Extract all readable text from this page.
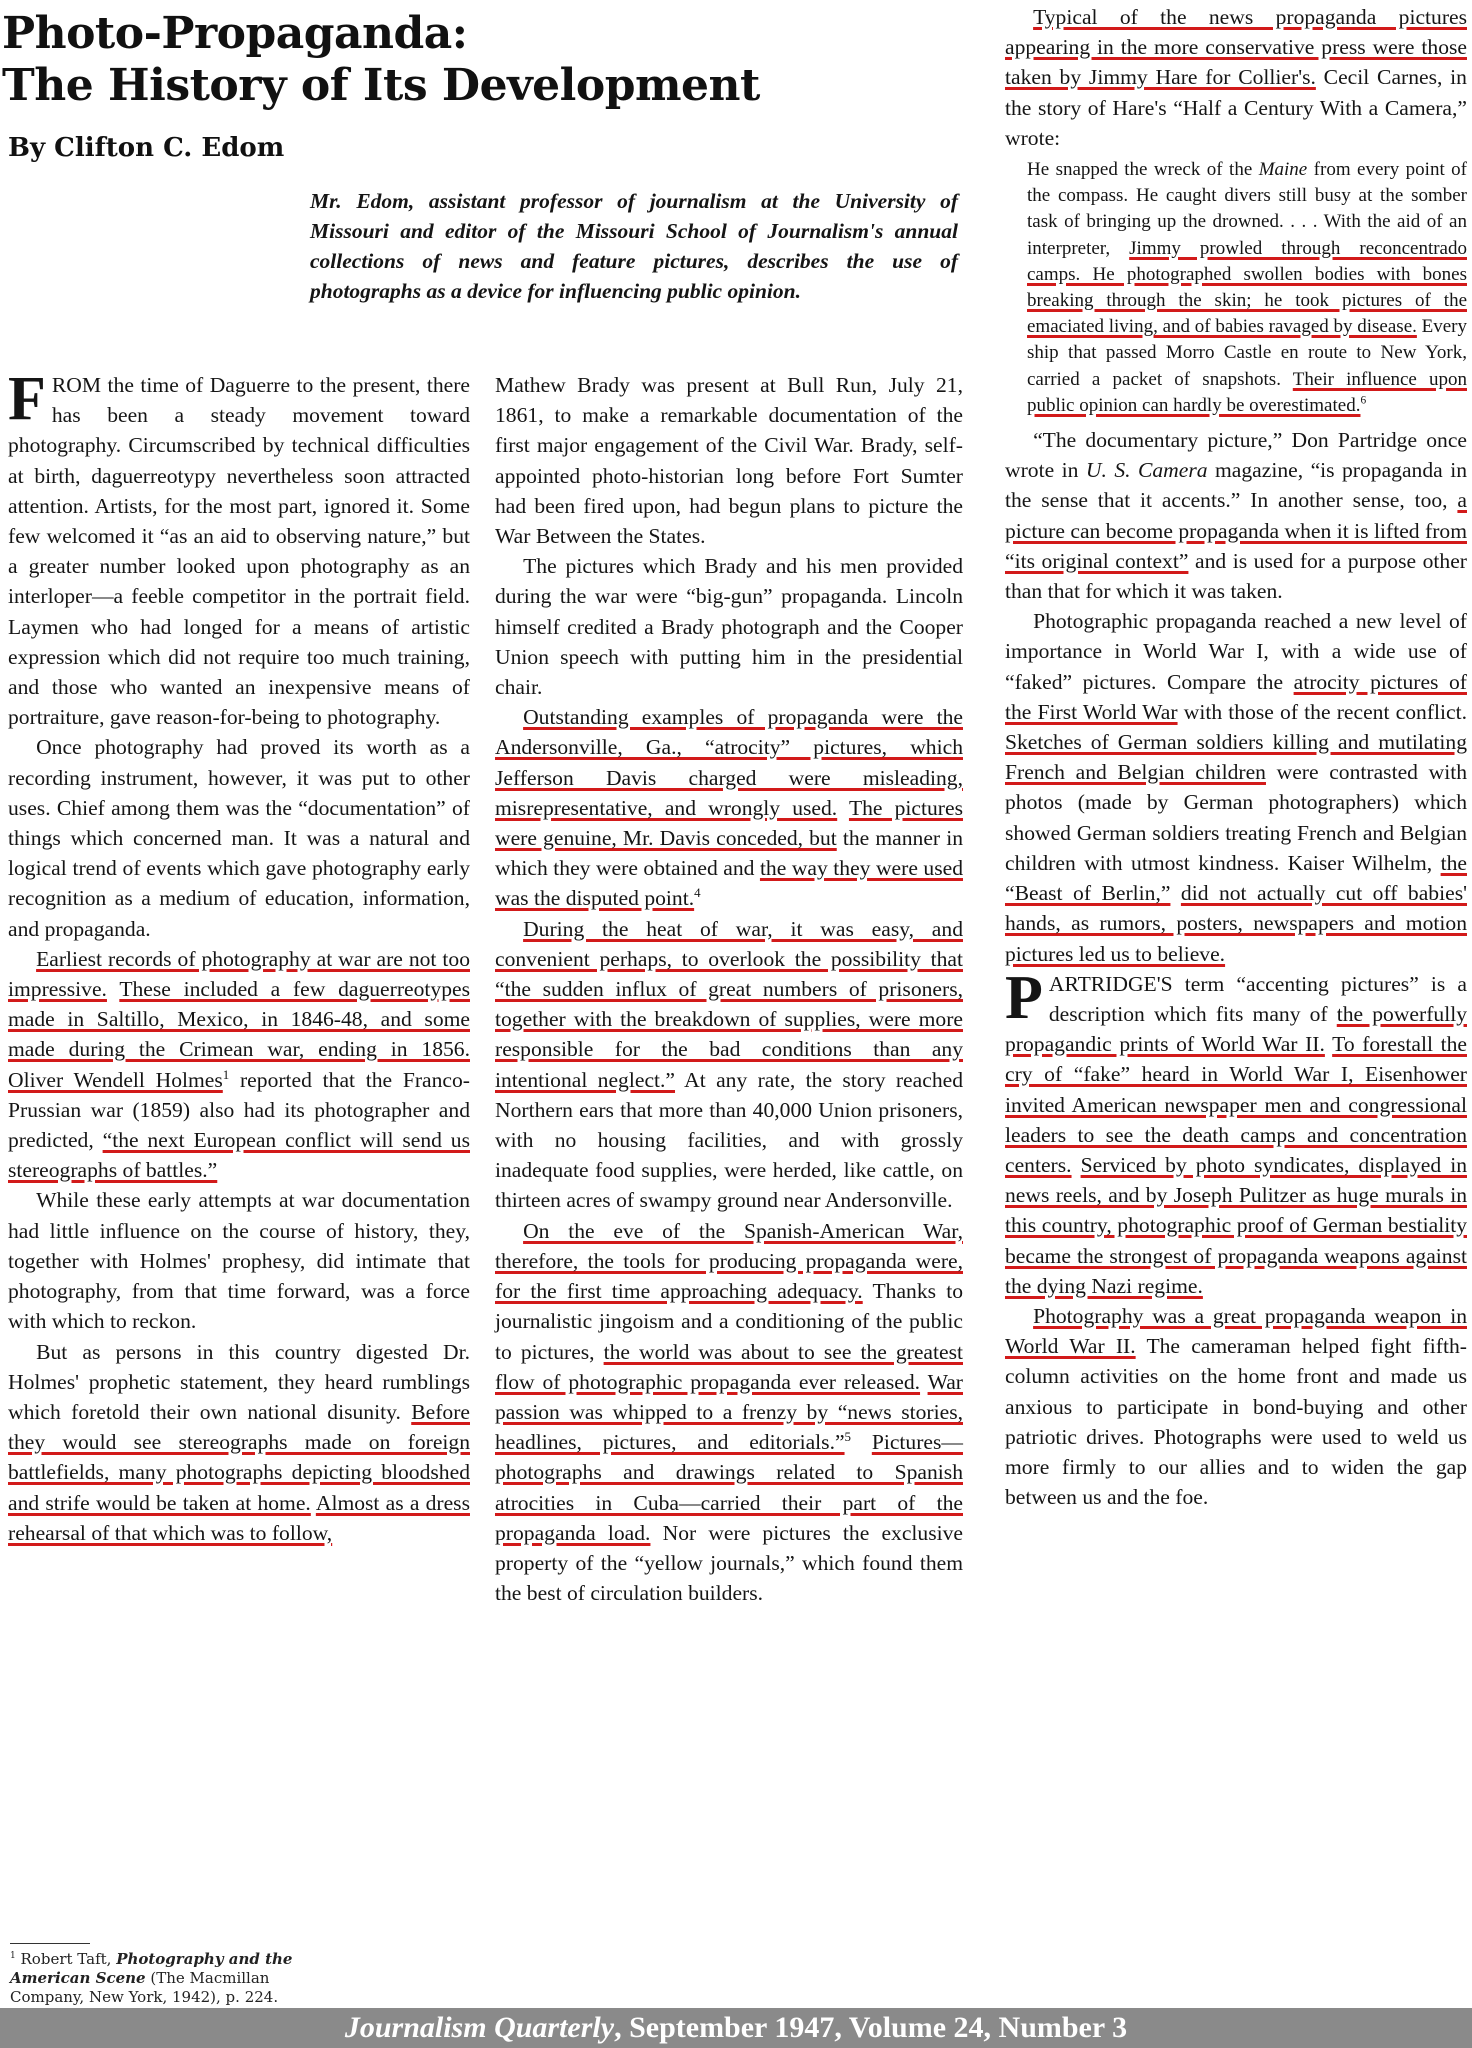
Photo-Propaganda:
The History of Its Development
By Clifton C. Edom
Mr. Edom, assistant professor of journalism at the University of Missouri and editor of the Missouri School of Journalism's annual collections of news and feature pictures, describes the use of photographs as a device for influencing public opinion.

FROM the time of Daguerre to the present, there has been a steady movement toward photography. Circumscribed by technical difficulties at birth, daguerreotypy nevertheless soon attracted attention. Artists, for the most part, ignored it. Some few welcomed it “as an aid to observing nature,” but a greater number looked upon photography as an interloper—a feeble competitor in the portrait field. Laymen who had longed for a means of artistic expression which did not require too much training, and those who wanted an inexpensive means of portraiture, gave reason-for-being to photography.

Once photography had proved its worth as a recording instrument, however, it was put to other uses. Chief among them was the “documentation” of things which concerned man. It was a natural and logical trend of events which gave photography early recognition as a medium of education, information, and propaganda.

Earliest records of photography at war are not too impressive. These included a few daguerreotypes made in Saltillo, Mexico, in 1846-48, and some made during the Crimean war, ending in 1856. Oliver Wendell Holmes$^1$ reported that the Franco-Prussian war (1859) also had its photographer and predicted, “the next European conflict will send us stereographs of battles.”

While these early attempts at war documentation had little influence on the course of history, they, together with Holmes' prophesy, did intimate that photography, from that time forward, was a force with which to reckon.

But as persons in this country digested Dr. Holmes' prophetic statement, they heard rumblings which foretold their own national disunity. Before they would see stereographs made on foreign battlefields, many photographs depicting bloodshed and strife would be taken at home. Almost as a dress rehearsal of that which was to follow,

$^1$ Robert Taft, Photography and the American Scene (The Macmillan Company, New York, 1942), p. 224.

Mathew Brady was present at Bull Run, July 21, 1861, to make a remarkable documentation of the first major engagement of the Civil War. Brady, self-appointed photo-historian long before Fort Sumter had been fired upon, had begun plans to picture the War Between the States.

The pictures which Brady and his men provided during the war were “big-gun” propaganda. Lincoln himself credited a Brady photograph and the Cooper Union speech with putting him in the presidential chair.

Outstanding examples of propaganda were the Andersonville, Ga., “atrocity” pictures, which Jefferson Davis charged were misleading, misrepresentative, and wrongly used. The pictures were genuine, Mr. Davis conceded, but the manner in which they were obtained and the way they were used was the disputed point.$^4$

During the heat of war, it was easy, and convenient perhaps, to overlook the possibility that “the sudden influx of great numbers of prisoners, together with the breakdown of supplies, were more responsible for the bad conditions than any intentional neglect.” At any rate, the story reached Northern ears that more than 40,000 Union prisoners, with no housing facilities, and with grossly inadequate food supplies, were herded, like cattle, on thirteen acres of swampy ground near Andersonville.

On the eve of the Spanish-American War, therefore, the tools for producing propaganda were, for the first time approaching adequacy. Thanks to journalistic jingoism and a conditioning of the public to pictures, the world was about to see the greatest flow of photographic propaganda ever released. War passion was whipped to a frenzy by “news stories, headlines, pictures, and editorials.”$^5$ Pictures—photographs and drawings related to Spanish atrocities in Cuba—carried their part of the propaganda load. Nor were pictures the exclusive property of the “yellow journals,” which found them the best of circulation builders.

Typical of the news propaganda pictures appearing in the more conservative press were those taken by Jimmy Hare for Collier's. Cecil Carnes, in the story of Hare's “Half a Century With a Camera,” wrote:

He snapped the wreck of the Maine from every point of the compass. He caught divers still busy at the somber task of bringing up the drowned. . . . With the aid of an interpreter, Jimmy prowled through reconcentrado camps. He photographed swollen bodies with bones breaking through the skin; he took pictures of the emaciated living, and of babies ravaged by disease. Every ship that passed Morro Castle en route to New York, carried a packet of snapshots. Their influence upon public opinion can hardly be overestimated.$^6$

“The documentary picture,” Don Partridge once wrote in U. S. Camera magazine, “is propaganda in the sense that it accents.” In another sense, too, a picture can become propaganda when it is lifted from “its original context” and is used for a purpose other than that for which it was taken.

Photographic propaganda reached a new level of importance in World War I, with a wide use of “faked” pictures. Compare the atrocity pictures of the First World War with those of the recent conflict. Sketches of German soldiers killing and mutilating French and Belgian children were contrasted with photos (made by German photographers) which showed German soldiers treating French and Belgian children with utmost kindness. Kaiser Wilhelm, the “Beast of Berlin,” did not actually cut off babies' hands, as rumors, posters, newspapers and motion pictures led us to believe.

PARTRIDGE'S term “accenting pictures” is a description which fits many of the powerfully propagandic prints of World War II. To forestall the cry of “fake” heard in World War I, Eisenhower invited American newspaper men and congressional leaders to see the death camps and concentration centers. Serviced by photo syndicates, displayed in news reels, and by Joseph Pulitzer as huge murals in this country, photographic proof of German bestiality became the strongest of propaganda weapons against the dying Nazi regime.

Photography was a great propaganda weapon in World War II. The cameraman helped fight fifth-column activities on the home front and made us anxious to participate in bond-buying and other patriotic drives. Photographs were used to weld us more firmly to our allies and to widen the gap between us and the foe.

Journalism Quarterly, September 1947, Volume 24, Number 3
